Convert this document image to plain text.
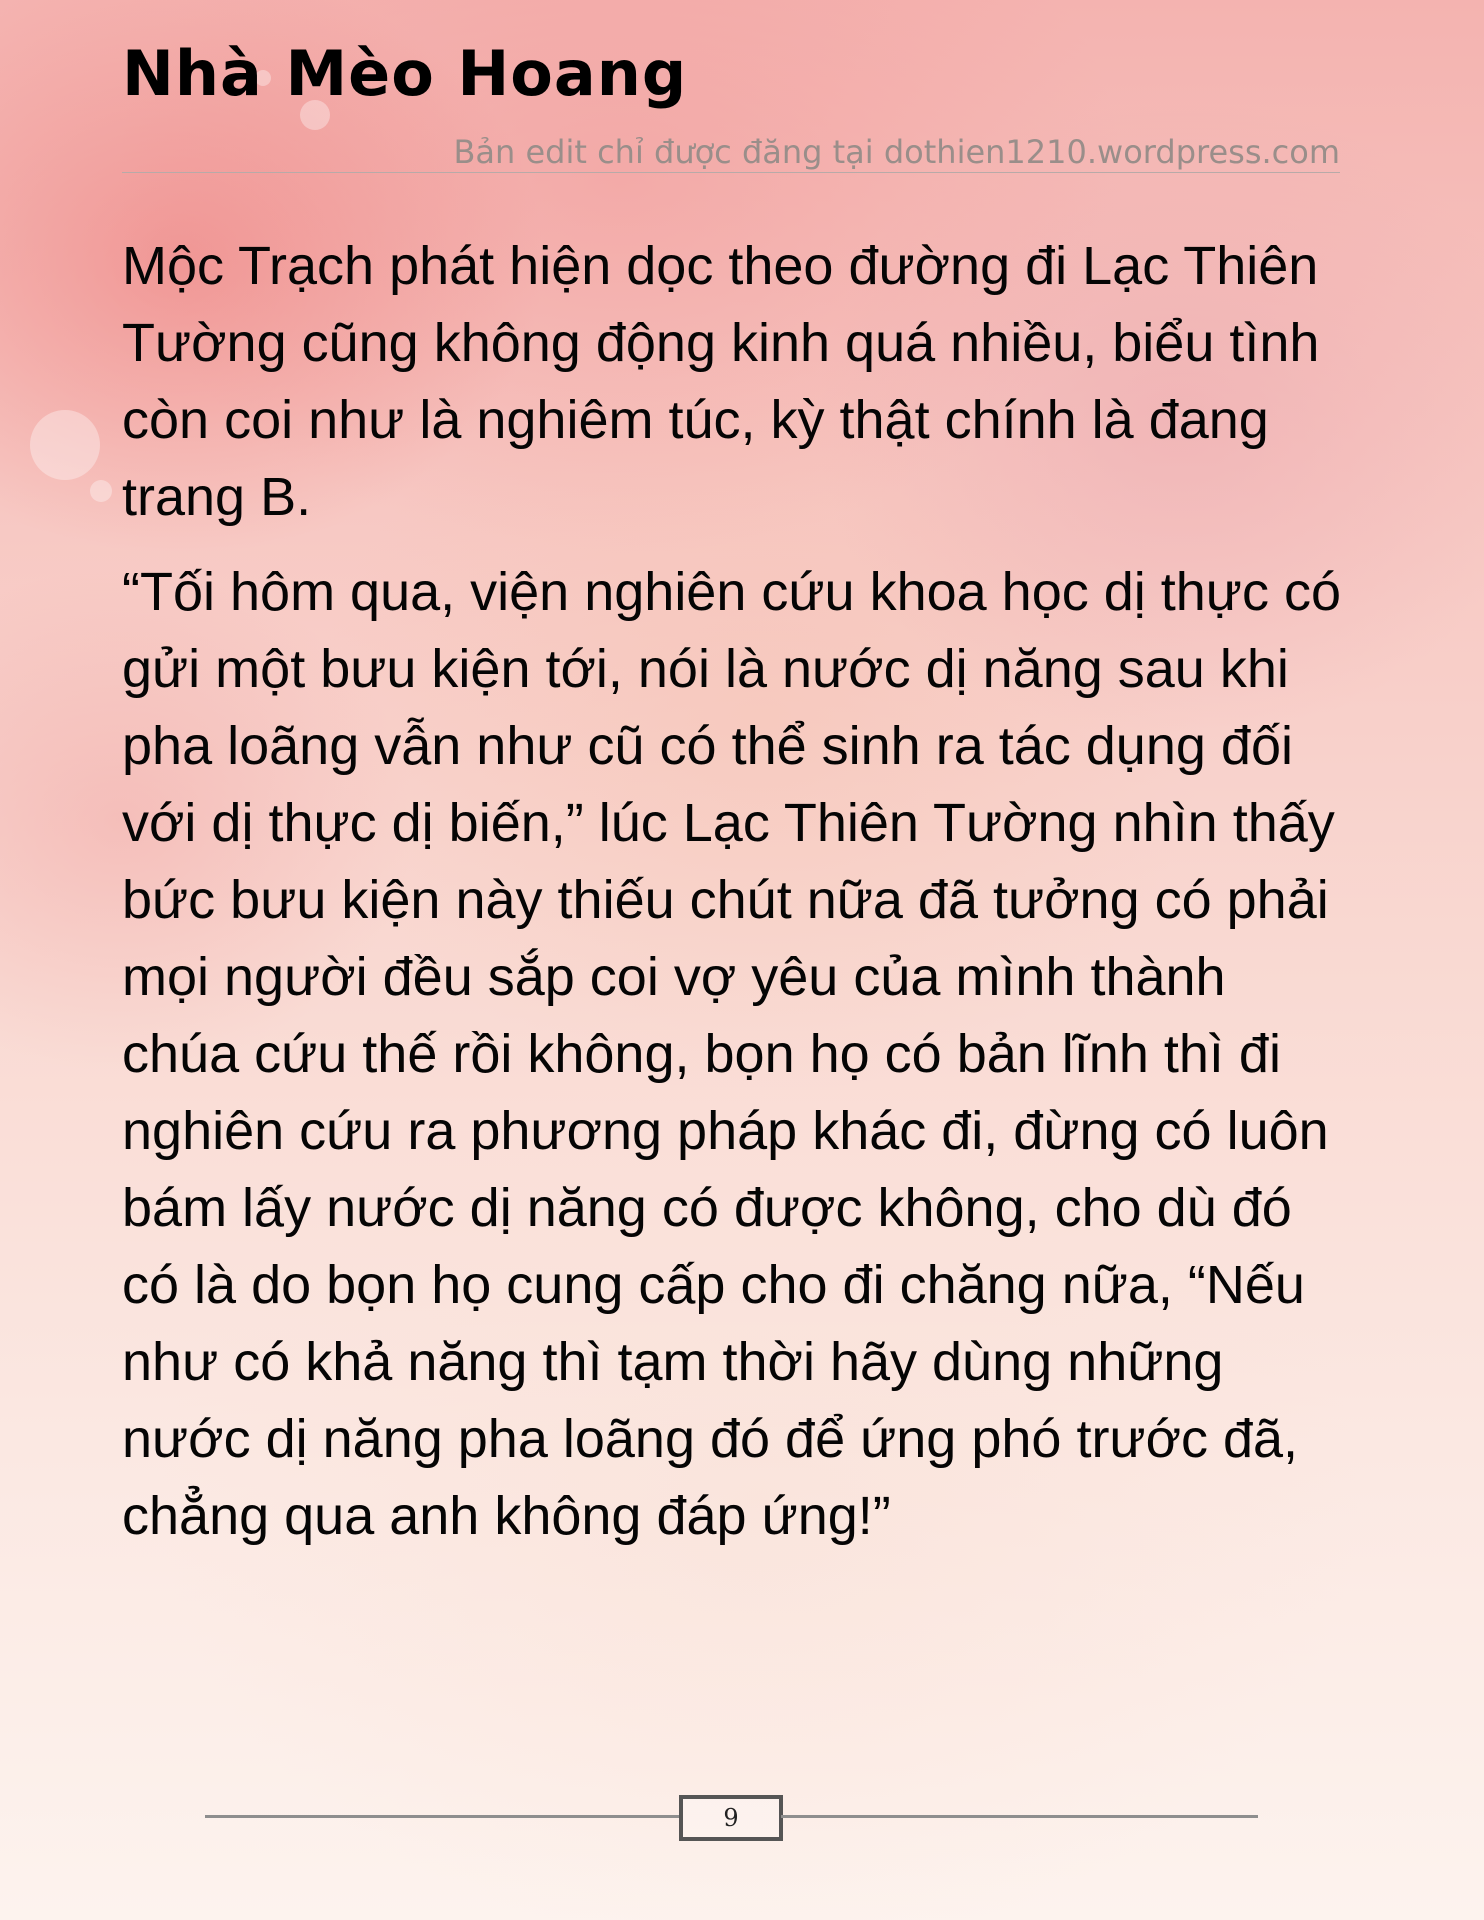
Nhà Mèo Hoang
Bản edit chỉ được đăng tại dothien1210.wordpress.com

Mộc Trạch phát hiện dọc theo đường đi Lạc Thiên Tường cũng không động kinh quá nhiều, biểu tình còn coi như là nghiêm túc, kỳ thật chính là đang trang B.

“Tối hôm qua, viện nghiên cứu khoa học dị thực có gửi một bưu kiện tới, nói là nước dị năng sau khi pha loãng vẫn như cũ có thể sinh ra tác dụng đối với dị thực dị biến,” lúc Lạc Thiên Tường nhìn thấy bức bưu kiện này thiếu chút nữa đã tưởng có phải mọi người đều sắp coi vợ yêu của mình thành chúa cứu thế rồi không, bọn họ có bản lĩnh thì đi nghiên cứu ra phương pháp khác đi, đừng có luôn bám lấy nước dị năng có được không, cho dù đó có là do bọn họ cung cấp cho đi chăng nữa, “Nếu như có khả năng thì tạm thời hãy dùng những nước dị năng pha loãng đó để ứng phó trước đã, chẳng qua anh không đáp ứng!”

9
